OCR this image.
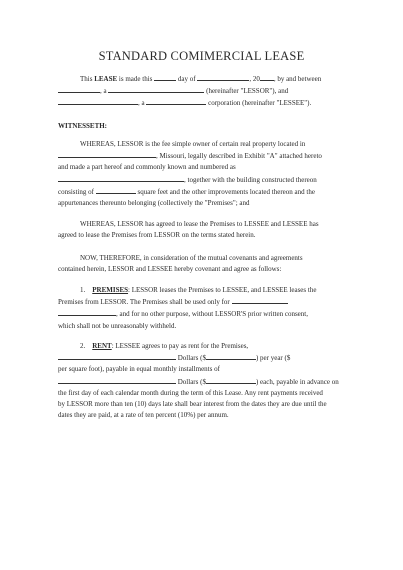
STANDARD COMIMERCIAL LEASE
This LEASE is made this	day of	, 20 , by and between
, a	(hereinafter "LESSOR"), and
, a	corporation (hereinafter "LESSEE").
WITNESSETH:
WHEREAS, LESSOR is the fee simple owner of certain real property located in
, Missouri, legally described in Exhibit "A" attached hereto
and made a part hereof and commonly known and numbered as
, together with the building constructed thereon
consisting of	square feet and the other improvements located thereon and the
appurtenances thereunto belonging (collectively the "Premises"; and
WHEREAS, LESSOR has agreed to lease the Premises to LESSEE and LESSEE has
agreed to lease the Premises from LESSOR on the terms stated herein.
NOW, THEREFORE, in consideration of the mutual covenants and agreements
contained herein, LESSOR and LESSEE hereby covenant and agree as follows:
1. PREMISES: LESSOR leases the Premises to LESSEE, and LESSEE leases the
Premises from LESSOR. The Premises shall be used only for
, and for no other purpose, without LESSOR'S prior written consent,
which shall not be unreasonably withheld.
2. RENT: LESSEE agrees to pay as rent for the Premises,
Dollars ($	) per year ($
per square foot), payable in equal monthly installments of
Dollars ($	) each, payable in advance on
the first day of each calendar month during the term of this Lease. Any rent payments received
by LESSOR more than ten (10) days late shall bear interest from the dates they are due until the
dates they are paid, at a rate of ten percent (10%) per annum.
